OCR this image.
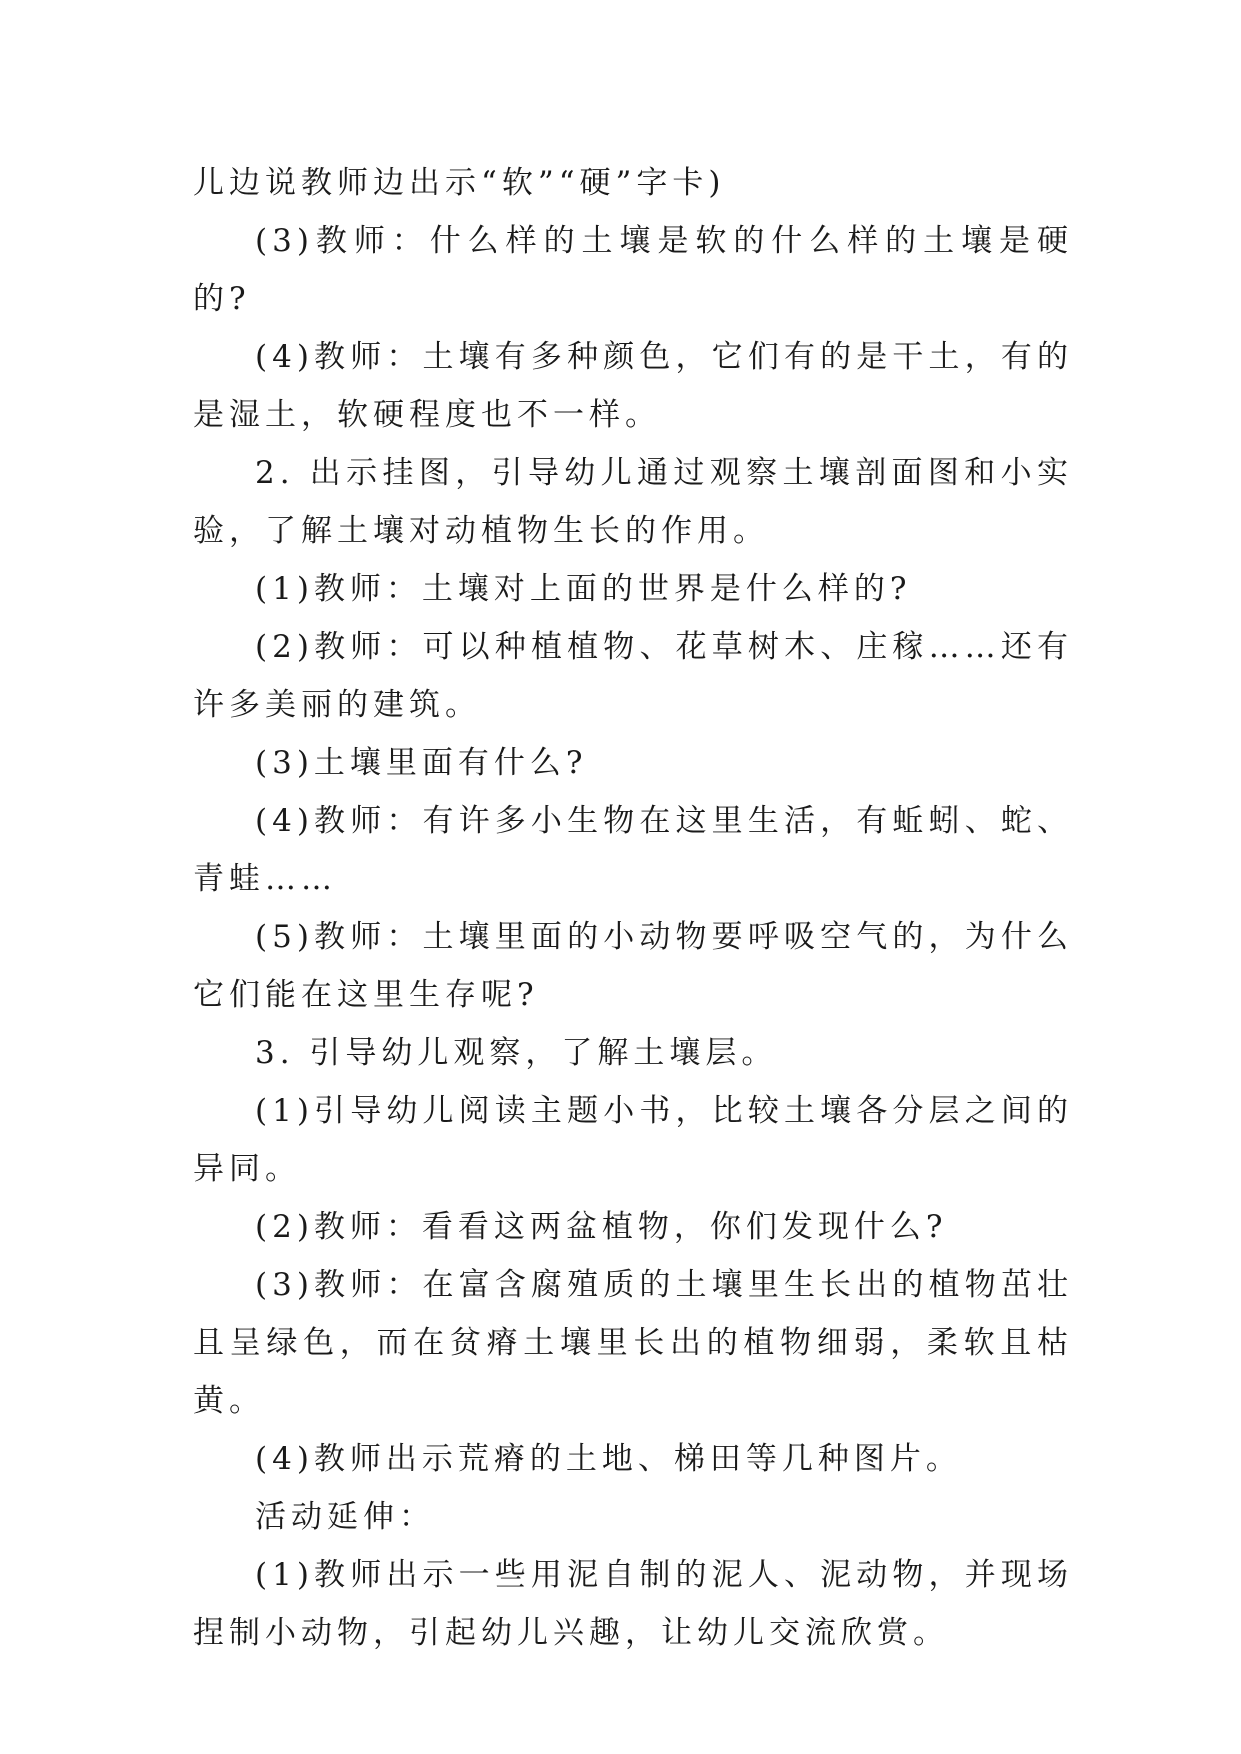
儿边说教师边出示“软”“硬”字卡)

(3)教师：什么样的土壤是软的什么样的土壤是硬的?

(4)教师：土壤有多种颜色，它们有的是干土，有的是湿土，软硬程度也不一样。

2. 出示挂图，引导幼儿通过观察土壤剖面图和小实验，了解土壤对动植物生长的作用。

(1)教师：土壤对上面的世界是什么样的?

(2)教师：可以种植植物、花草树木、庄稼……还有许多美丽的建筑。

(3)土壤里面有什么?

(4)教师：有许多小生物在这里生活，有蚯蚓、蛇、青蛙……

(5)教师：土壤里面的小动物要呼吸空气的，为什么它们能在这里生存呢?

3. 引导幼儿观察，了解土壤层。

(1)引导幼儿阅读主题小书，比较土壤各分层之间的异同。

(2)教师：看看这两盆植物，你们发现什么?

(3)教师：在富含腐殖质的土壤里生长出的植物茁壮且呈绿色，而在贫瘠土壤里长出的植物细弱，柔软且枯黄。

(4)教师出示荒瘠的土地、梯田等几种图片。

活动延伸：

(1)教师出示一些用泥自制的泥人、泥动物，并现场捏制小动物，引起幼儿兴趣，让幼儿交流欣赏。
